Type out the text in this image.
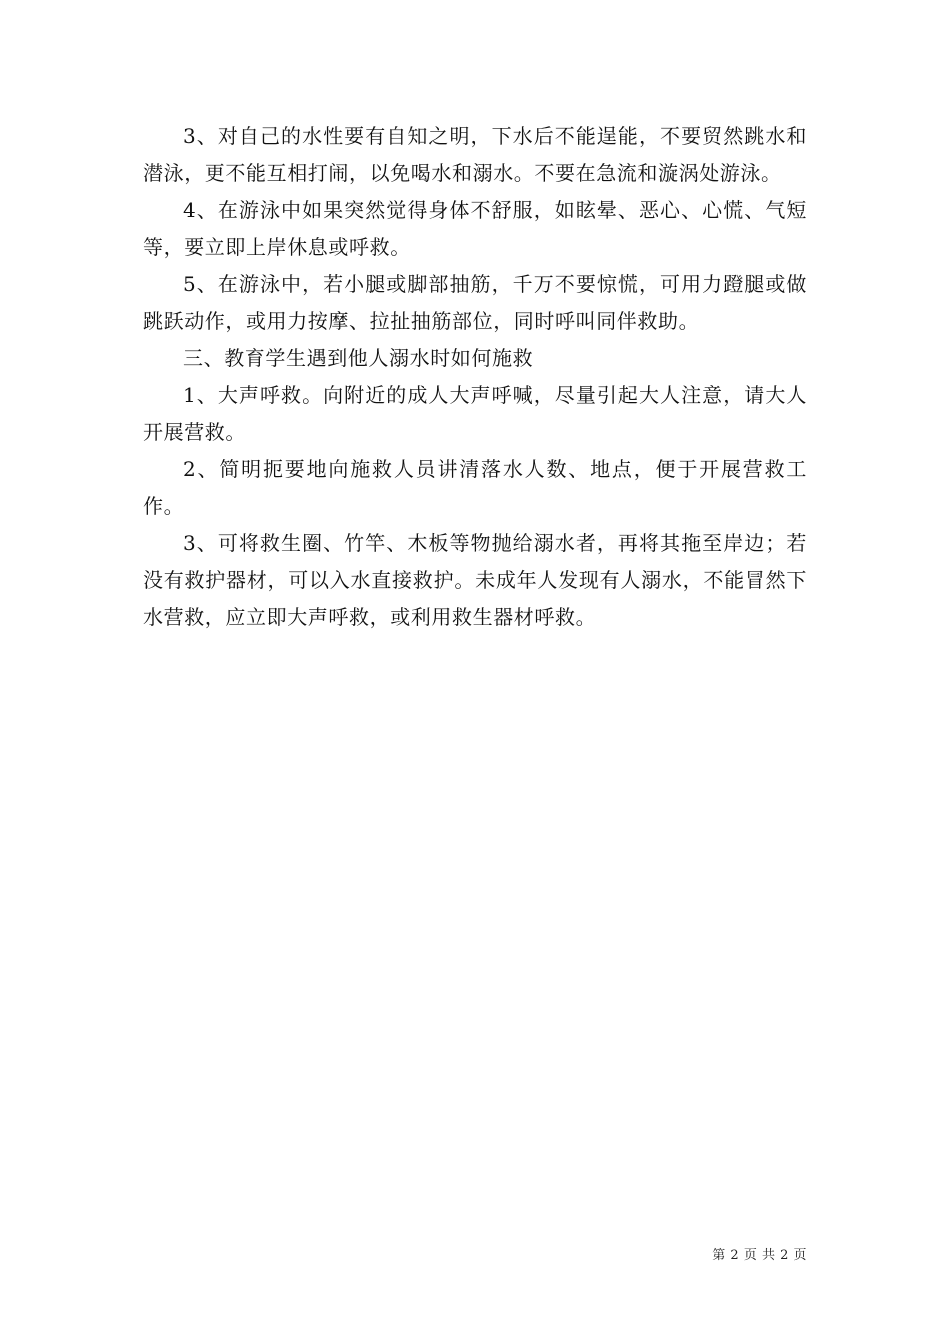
3、对自己的水性要有自知之明，下水后不能逞能，不要贸然跳水和潜泳，更不能互相打闹，以免喝水和溺水。不要在急流和漩涡处游泳。

4、在游泳中如果突然觉得身体不舒服，如眩晕、恶心、心慌、气短等，要立即上岸休息或呼救。

5、在游泳中，若小腿或脚部抽筋，千万不要惊慌，可用力蹬腿或做跳跃动作，或用力按摩、拉扯抽筋部位，同时呼叫同伴救助。

三、教育学生遇到他人溺水时如何施救

1、大声呼救。向附近的成人大声呼喊，尽量引起大人注意，请大人开展营救。

2、简明扼要地向施救人员讲清落水人数、地点，便于开展营救工作。

3、可将救生圈、竹竿、木板等物抛给溺水者，再将其拖至岸边；若没有救护器材，可以入水直接救护。未成年人发现有人溺水，不能冒然下水营救，应立即大声呼救，或利用救生器材呼救。

第 2 页 共 2 页
